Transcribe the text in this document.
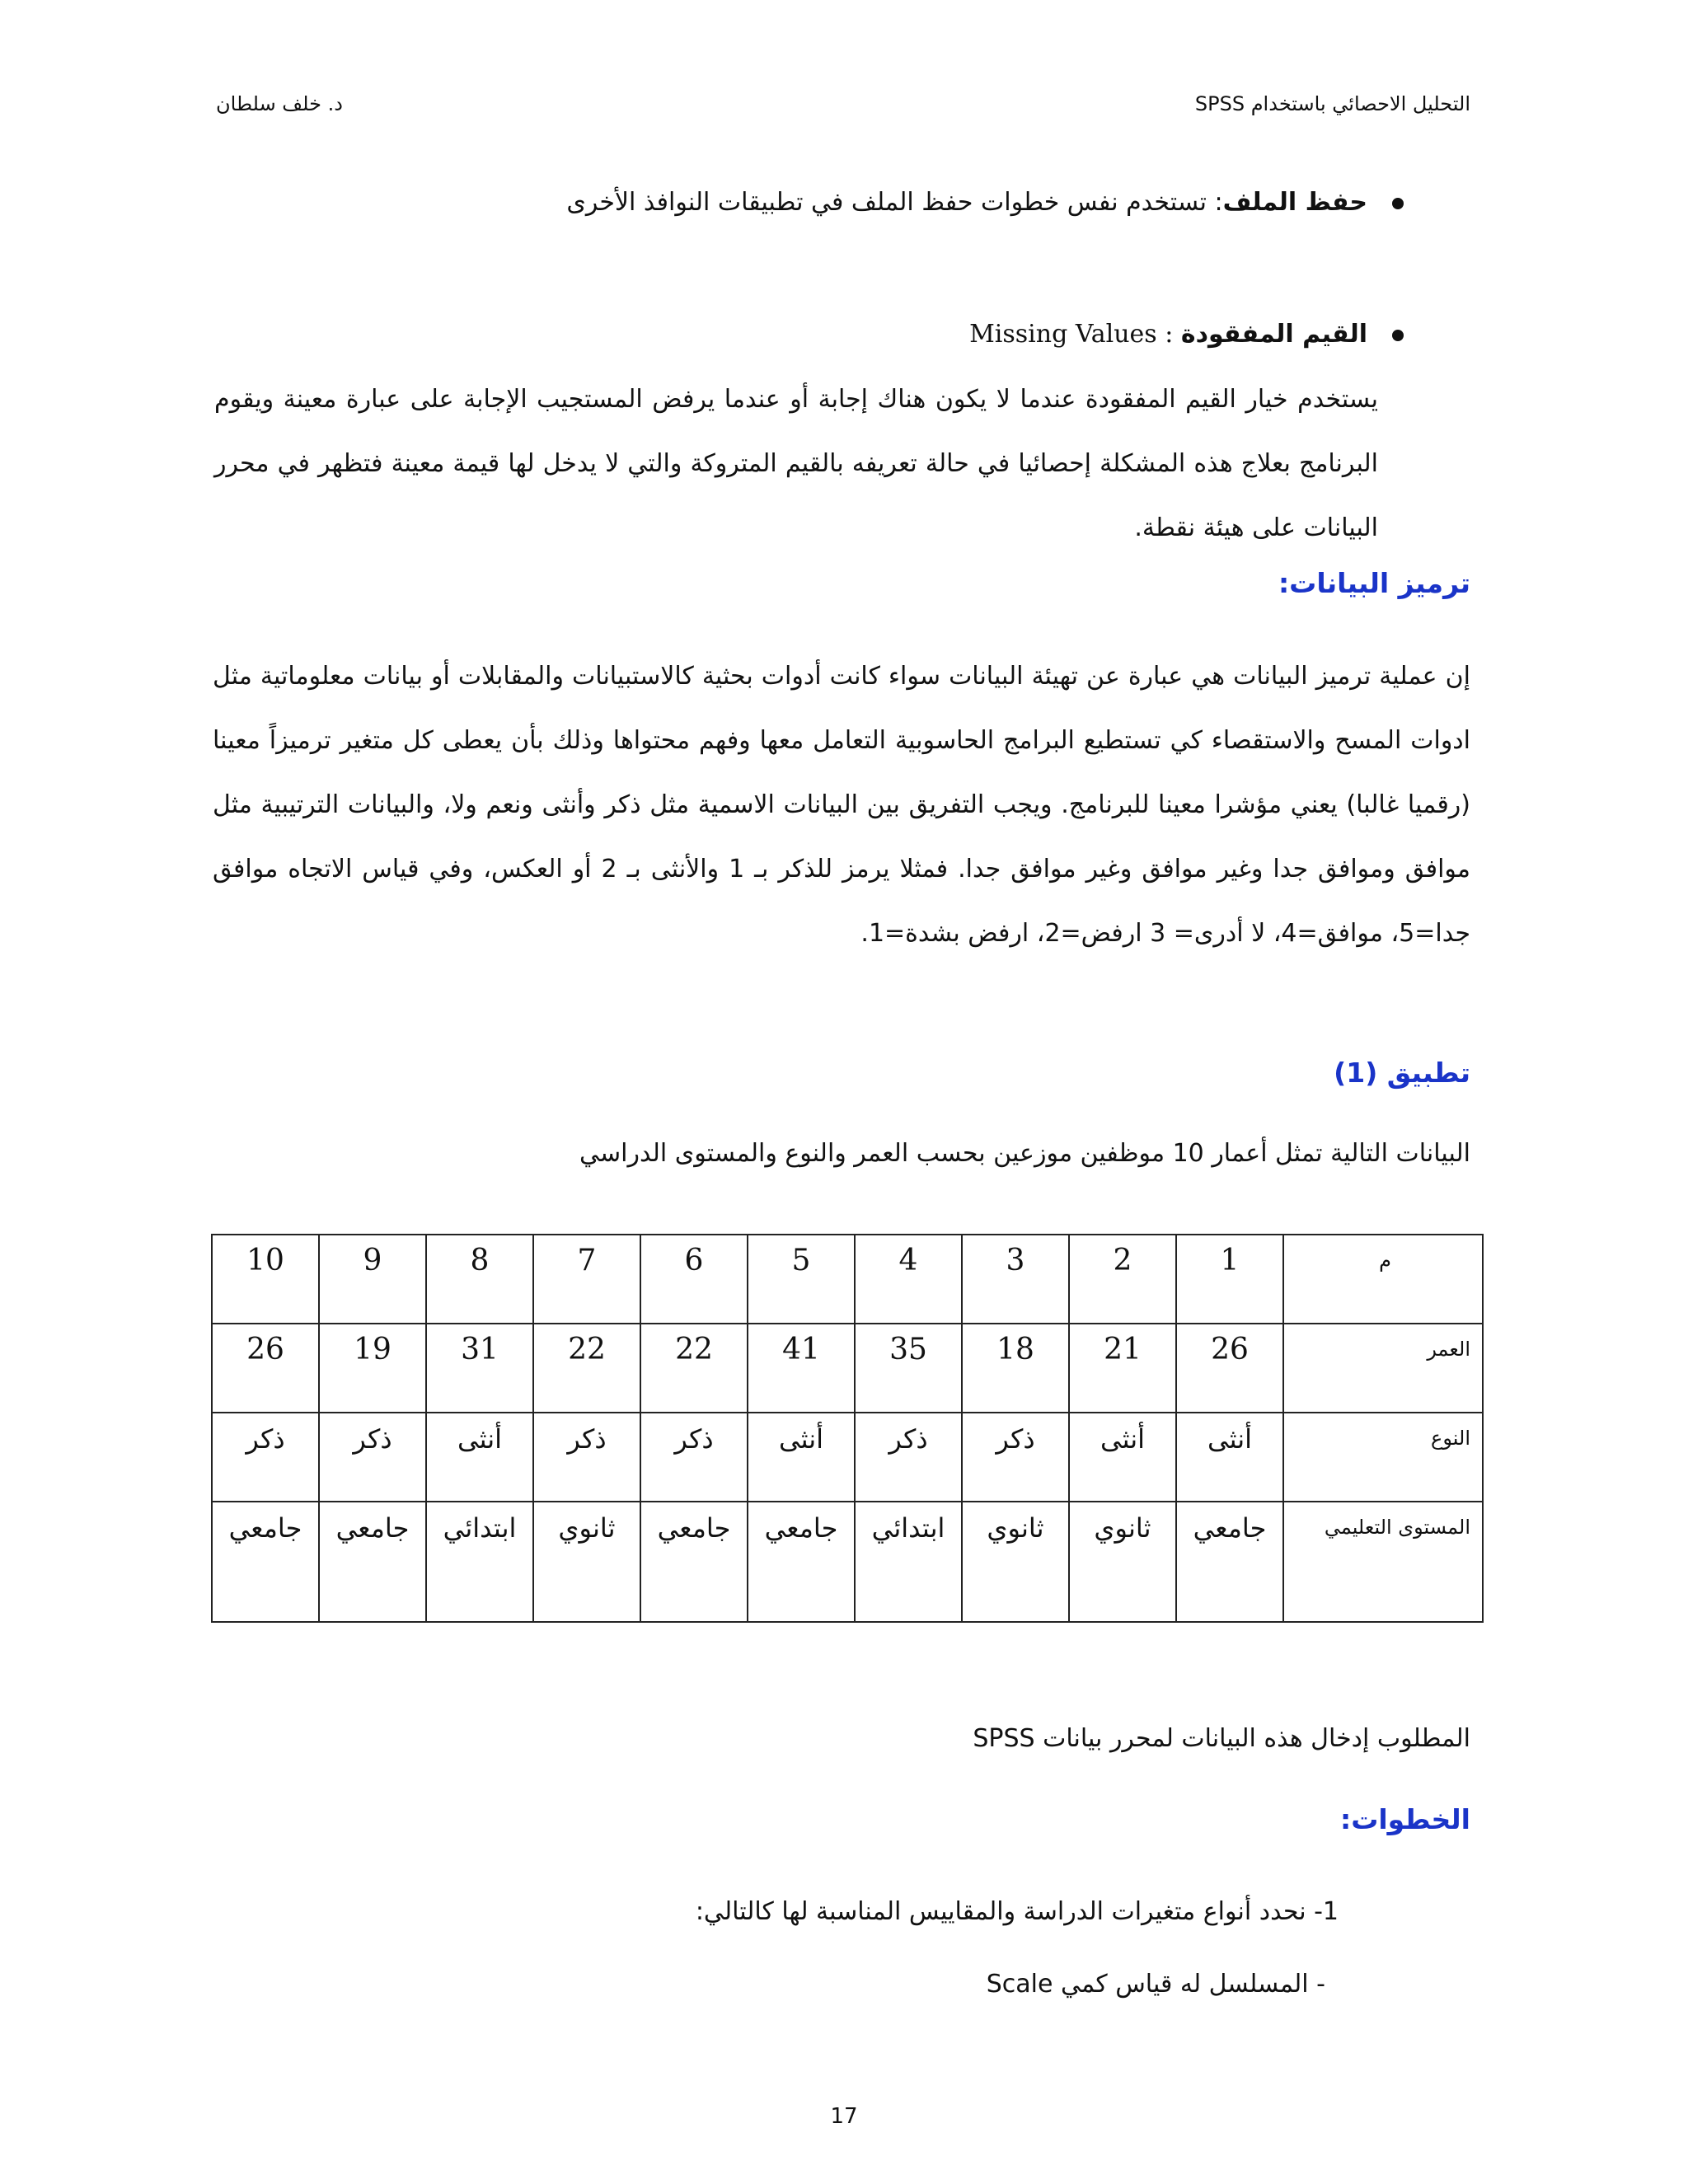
التحليل الاحصائي باستخدام SPSS
د. خلف سلطان
حفظ الملف: تستخدم نفس خطوات حفظ الملف في تطبيقات النوافذ الأخرى
القيم المفقودة : Missing Values
يستخدم خيار القيم المفقودة عندما لا يكون هناك إجابة أو عندما يرفض المستجيب الإجابة على عبارة معينة ويقوم البرنامج بعلاج هذه المشكلة إحصائيا في حالة تعريفه بالقيم المتروكة والتي لا يدخل لها قيمة معينة فتظهر في محرر البيانات على هيئة نقطة.
ترميز البيانات:
إن عملية ترميز البيانات هي عبارة عن تهيئة البيانات سواء كانت أدوات بحثية كالاستبيانات والمقابلات أو بيانات معلوماتية مثل ادوات المسح والاستقصاء كي تستطيع البرامج الحاسوبية التعامل معها وفهم محتواها وذلك بأن يعطى كل متغير ترميزاً معينا (رقميا غالبا) يعني مؤشرا معينا للبرنامج. ويجب التفريق بين البيانات الاسمية مثل ذكر وأنثى ونعم ولا، والبيانات الترتيبية مثل موافق وموافق جدا وغير موافق وغير موافق جدا. فمثلا يرمز للذكر بـ 1 والأنثى بـ 2 أو العكس، وفي قياس الاتجاه موافق جدا=5، موافق=4، لا أدرى= 3 ارفض=2، ارفض بشدة=1.
تطبيق (1)
البيانات التالية تمثل أعمار 10 موظفين موزعين بحسب العمر والنوع والمستوى الدراسي
10	9	8	7	6	5	4	3	2	1	م
26	19	31	22	22	41	35	18	21	26	العمر
ذكر	ذكر	أنثى	ذكر	ذكر	أنثى	ذكر	ذكر	أنثى	أنثى	النوع
جامعي	جامعي	ابتدائي	ثانوي	جامعي	جامعي	ابتدائي	ثانوي	ثانوي	جامعي	المستوى التعليمي
المطلوب إدخال هذه البيانات لمحرر بيانات SPSS
الخطوات:
1- نحدد أنواع متغيرات الدراسة والمقاييس المناسبة لها كالتالي:
- المسلسل له قياس كمي Scale
17
